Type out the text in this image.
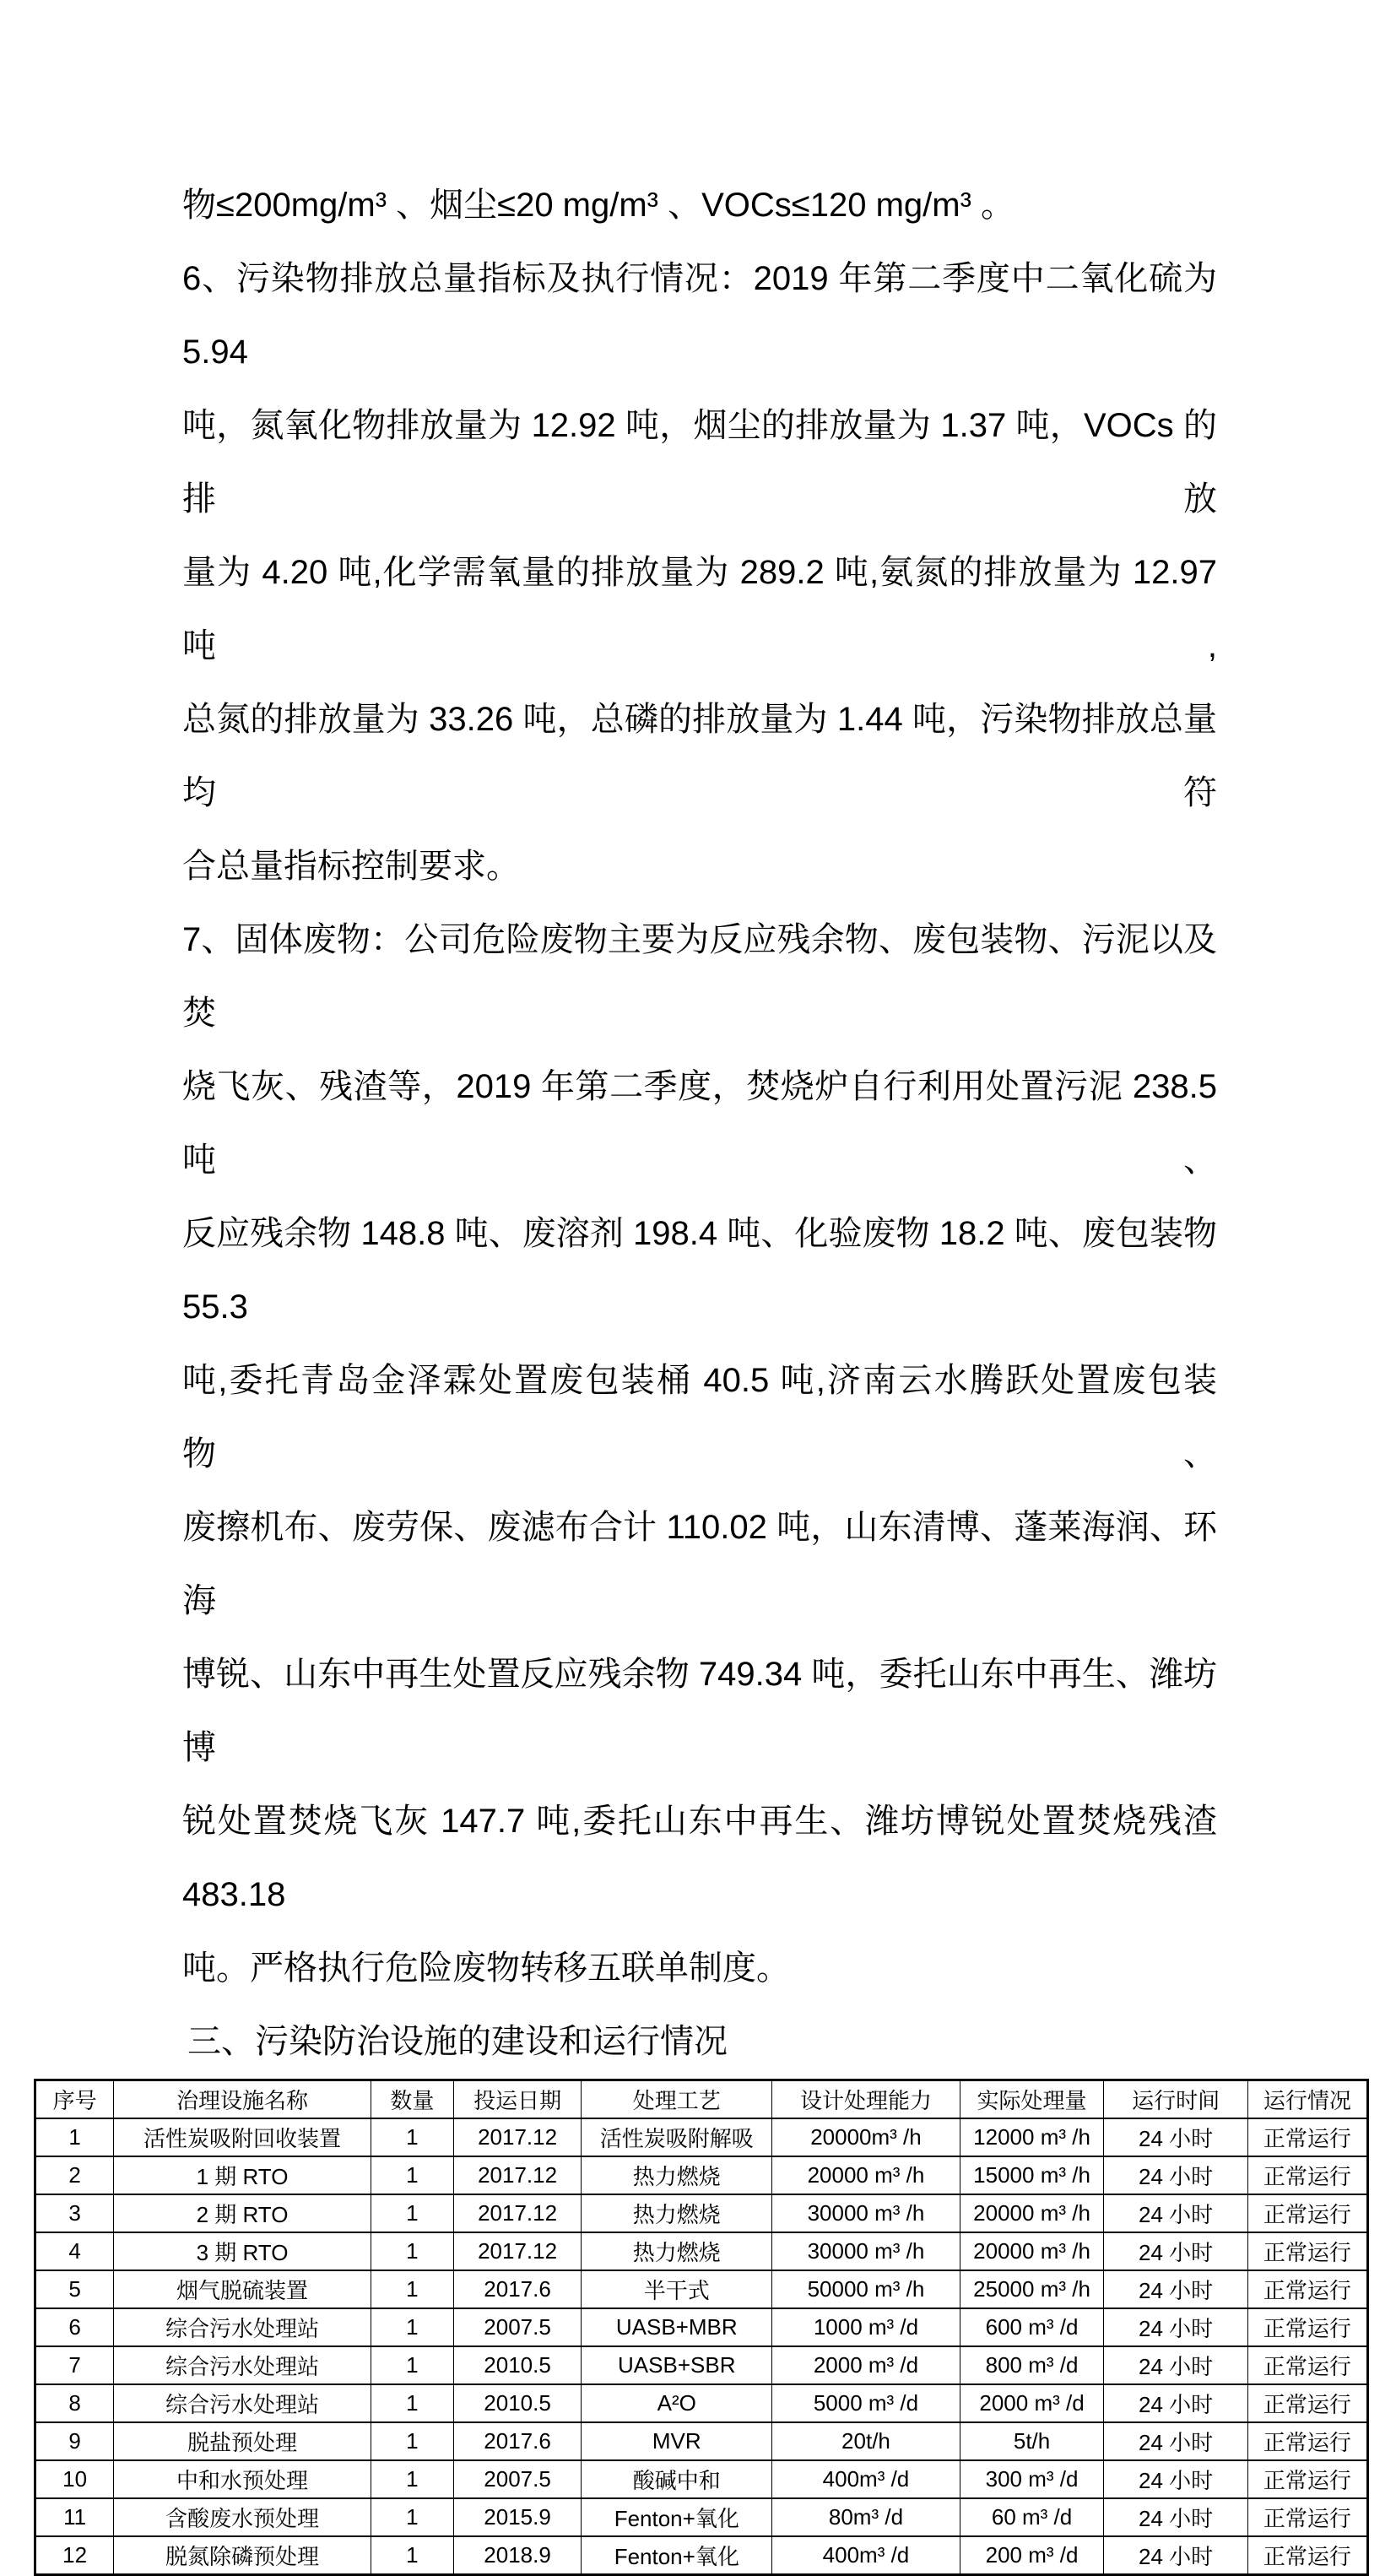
物≤200mg/m³ 、烟尘≤20 mg/m³ 、VOCs≤120 mg/m³ 。
6、污染物排放总量指标及执行情况：2019 年第二季度中二氧化硫为 5.94
吨，氮氧化物排放量为 12.92 吨，烟尘的排放量为 1.37 吨，VOCs 的排放
量为 4.20 吨,化学需氧量的排放量为 289.2 吨,氨氮的排放量为 12.97 吨,
总氮的排放量为 33.26 吨，总磷的排放量为 1.44 吨，污染物排放总量均符
合总量指标控制要求。
7、固体废物：公司危险废物主要为反应残余物、废包装物、污泥以及焚
烧飞灰、残渣等，2019 年第二季度，焚烧炉自行利用处置污泥 238.5 吨、
反应残余物 148.8 吨、废溶剂 198.4 吨、化验废物 18.2 吨、废包装物 55.3
吨,委托青岛金泽霖处置废包装桶 40.5 吨,济南云水腾跃处置废包装物、
废擦机布、废劳保、废滤布合计 110.02 吨，山东清博、蓬莱海润、环海
博锐、山东中再生处置反应残余物 749.34 吨，委托山东中再生、潍坊博
锐处置焚烧飞灰 147.7 吨,委托山东中再生、潍坊博锐处置焚烧残渣 483.18
吨。严格执行危险废物转移五联单制度。
三、污染防治设施的建设和运行情况
序号	治理设施名称	数量	投运日期	处理工艺	设计处理能力	实际处理量	运行时间	运行情况
1	活性炭吸附回收装置	1	2017.12	活性炭吸附解吸	20000m³ /h	12000 m³ /h	24 小时	正常运行
2	1 期 RTO	1	2017.12	热力燃烧	20000 m³ /h	15000 m³ /h	24 小时	正常运行
3	2 期 RTO	1	2017.12	热力燃烧	30000 m³ /h	20000 m³ /h	24 小时	正常运行
4	3 期 RTO	1	2017.12	热力燃烧	30000 m³ /h	20000 m³ /h	24 小时	正常运行
5	烟气脱硫装置	1	2017.6	半干式	50000 m³ /h	25000 m³ /h	24 小时	正常运行
6	综合污水处理站	1	2007.5	UASB+MBR	1000 m³ /d	600 m³ /d	24 小时	正常运行
7	综合污水处理站	1	2010.5	UASB+SBR	2000 m³ /d	800 m³ /d	24 小时	正常运行
8	综合污水处理站	1	2010.5	A²O	5000 m³ /d	2000 m³ /d	24 小时	正常运行
9	脱盐预处理	1	2017.6	MVR	20t/h	5t/h	24 小时	正常运行
10	中和水预处理	1	2007.5	酸碱中和	400m³ /d	300 m³ /d	24 小时	正常运行
11	含酸废水预处理	1	2015.9	Fenton+氧化	80m³ /d	60 m³ /d	24 小时	正常运行
12	脱氮除磷预处理	1	2018.9	Fenton+氧化	400m³ /d	200 m³ /d	24 小时	正常运行
